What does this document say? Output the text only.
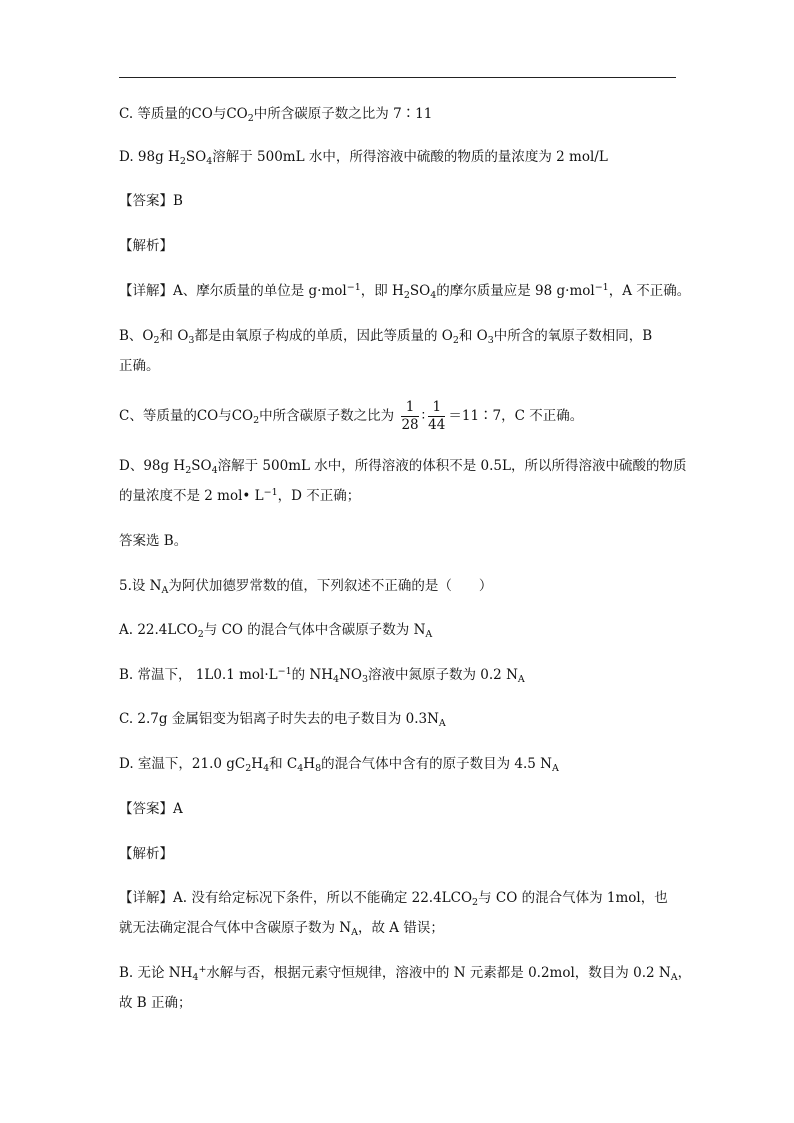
C. 等质量的CO与$CO_2$中所含碳原子数之比为 7∶11
D. 98g $H_2SO_4$溶解于 500mL 水中，所得溶液中硫酸的物质的量浓度为 2 mol/L
【答案】B
【解析】
【详解】A、摩尔质量的单位是 g·mol$^{-1}$，即 $H_2SO_4$的摩尔质量应是 98 g·mol$^{-1}$，A 不正确。
B、$O_2$和 $O_3$都是由氧原子构成的单质，因此等质量的 $O_2$和 $O_3$中所含的氧原子数相同，B
正确。
C、等质量的CO与$CO_2$中所含碳原子数之比为 $\frac{1}{28}$ ∶ $\frac{1}{44}$ ＝11∶7，C 不正确。
D、98g $H_2SO_4$溶解于 500mL 水中，所得溶液的体积不是 0.5L，所以所得溶液中硫酸的物质
的量浓度不是 2 mol• $L^{-1}$，D 不正确；
答案选 B。
5.设 $N_A$为阿伏加德罗常数的值，下列叙述不正确的是（　　）
A. $22.4LCO_2$与 CO 的混合气体中含碳原子数为 $N_A$
B. 常温下， 1L0.1 $mol\cdot L^{-1}$的 $NH_4NO_3$溶液中氮原子数为 0.2 $N_A$
C. 2.7g 金属铝变为铝离子时失去的电子数目为 $0.3N_A$
D. 室温下，21.0 $gC_2H_4$和 $C_4H_8$的混合气体中含有的原子数目为 4.5 $N_A$
【答案】A
【解析】
【详解】A. 没有给定标况下条件，所以不能确定 $22.4LCO_2$与 CO 的混合气体为 1mol，也
就无法确定混合气体中含碳原子数为 $N_A$，故 A 错误；
B. 无论 $NH_4^+$水解与否，根据元素守恒规律，溶液中的 N 元素都是 0.2mol，数目为 0.2 $N_A$，
故 B 正确；
